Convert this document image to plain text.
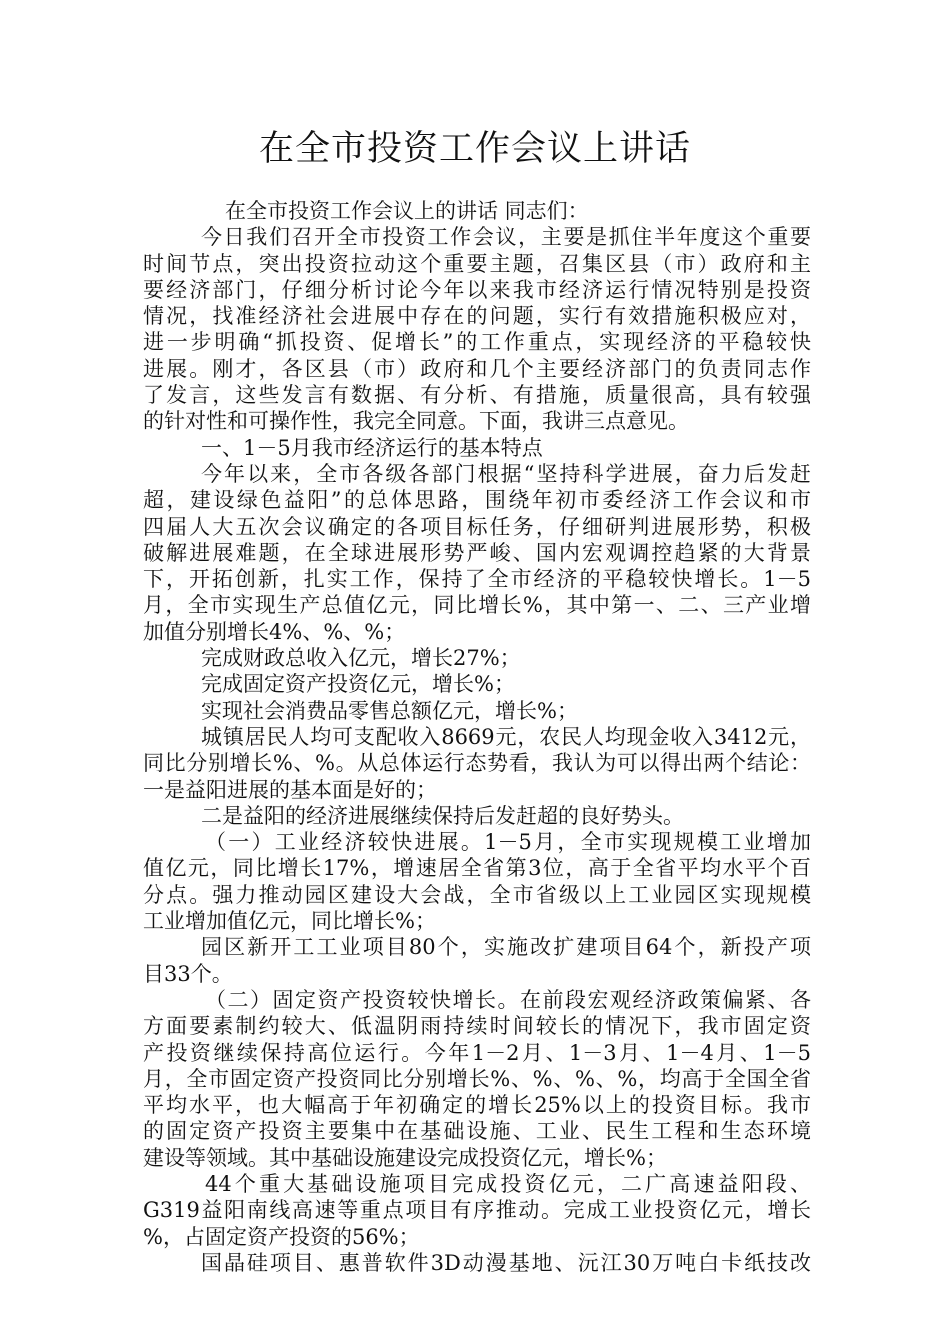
在全市投资工作会议上讲话
在全市投资工作会议上的讲话 同志们：
今日我们召开全市投资工作会议，主要是抓住半年度这个重要
时间节点，突出投资拉动这个重要主题，召集区县（市）政府和主
要经济部门，仔细分析讨论今年以来我市经济运行情况特别是投资
情况，找准经济社会进展中存在的问题，实行有效措施积极应对，
进一步明确“抓投资、促增长”的工作重点，实现经济的平稳较快
进展。刚才，各区县（市）政府和几个主要经济部门的负责同志作
了发言，这些发言有数据、有分析、有措施，质量很高，具有较强
的针对性和可操作性，我完全同意。下面，我讲三点意见。
一、1－5月我市经济运行的基本特点
今年以来，全市各级各部门根据“坚持科学进展，奋力后发赶
超，建设绿色益阳”的总体思路，围绕年初市委经济工作会议和市
四届人大五次会议确定的各项目标任务，仔细研判进展形势，积极
破解进展难题，在全球进展形势严峻、国内宏观调控趋紧的大背景
下，开拓创新，扎实工作，保持了全市经济的平稳较快增长。1－5
月，全市实现生产总值亿元，同比增长%，其中第一、二、三产业增
加值分别增长4%、%、%；
完成财政总收入亿元，增长27%；
完成固定资产投资亿元，增长%；
实现社会消费品零售总额亿元，增长%；
城镇居民人均可支配收入8669元，农民人均现金收入3412元，
同比分别增长%、%。从总体运行态势看，我认为可以得出两个结论：
一是益阳进展的基本面是好的；
二是益阳的经济进展继续保持后发赶超的良好势头。
（一）工业经济较快进展。1－5月，全市实现规模工业增加
值亿元，同比增长17%，增速居全省第3位，高于全省平均水平个百
分点。强力推动园区建设大会战，全市省级以上工业园区实现规模
工业增加值亿元，同比增长%；
园区新开工工业项目80个，实施改扩建项目64个，新投产项
目33个。
（二）固定资产投资较快增长。在前段宏观经济政策偏紧、各
方面要素制约较大、低温阴雨持续时间较长的情况下，我市固定资
产投资继续保持高位运行。今年1－2月、1－3月、1－4月、1－5
月，全市固定资产投资同比分别增长%、%、%、%，均高于全国全省
平均水平，也大幅高于年初确定的增长25%以上的投资目标。我市
的固定资产投资主要集中在基础设施、工业、民生工程和生态环境
建设等领域。其中基础设施建设完成投资亿元，增长%；
44个重大基础设施项目完成投资亿元，二广高速益阳段、
G319益阳南线高速等重点项目有序推动。完成工业投资亿元，增长
%，占固定资产投资的56%；
国晶硅项目、惠普软件3D动漫基地、沅江30万吨白卡纸技改
